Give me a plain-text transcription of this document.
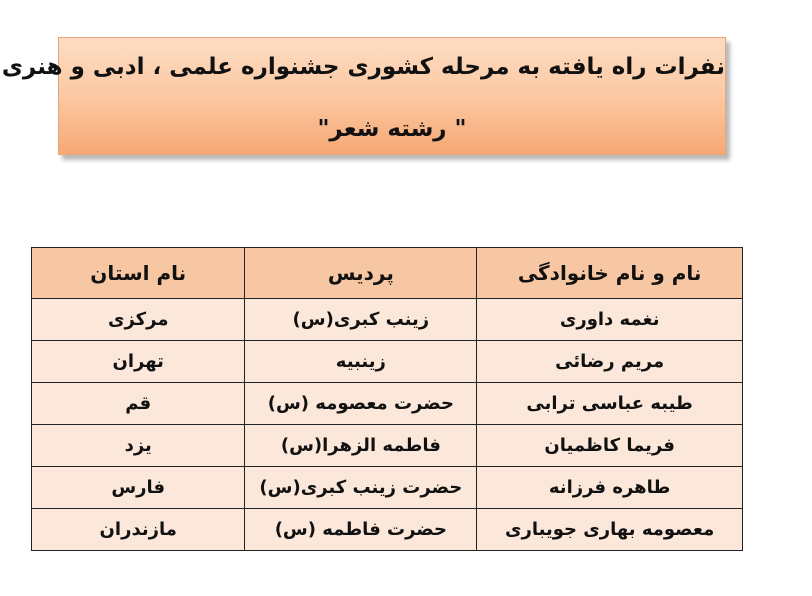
نفرات راه یافته به مرحله کشوری جشنواره علمی ، ادبی و هنری
" رشته شعر"
نام و نام خانوادگی	پردیس	نام استان
نغمه داوری	زینب کبری(س)	مرکزی
مریم رضائی	زینبیه	تهران
طیبه عباسی ترابی	حضرت معصومه (س)	قم
فریما کاظمیان	فاطمه الزهرا(س)	یزد
طاهره فرزانه	حضرت زینب کبری(س)	فارس
معصومه بهاری جویباری	حضرت فاطمه (س)	مازندران
